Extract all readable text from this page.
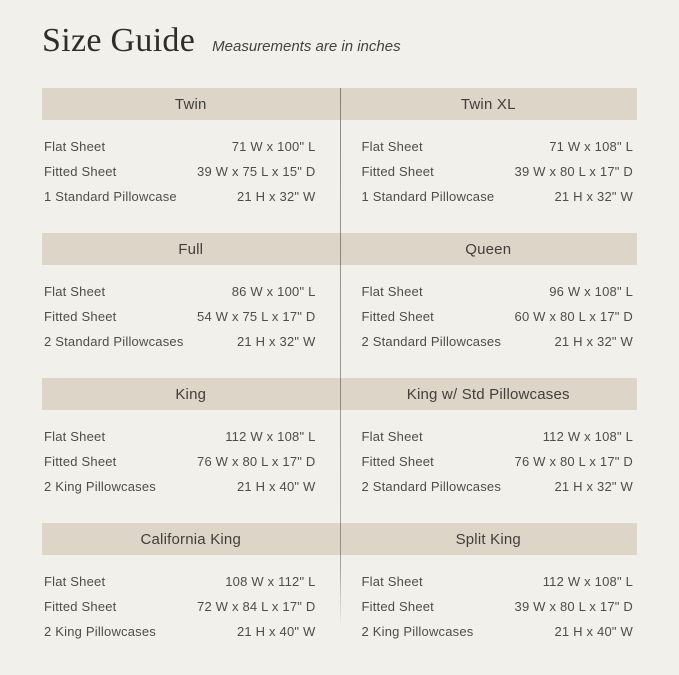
Size Guide Measurements are in inches
Twin
Flat Sheet	71 W x 100" L
Fitted Sheet	39 W x 75 L x 15" D
1 Standard Pillowcase	21 H x 32" W
Twin XL
Flat Sheet	71 W x 108" L
Fitted Sheet	39 W x 80 L x 17" D
1 Standard Pillowcase	21 H x 32" W
Full
Flat Sheet	86 W x 100" L
Fitted Sheet	54 W x 75 L x 17" D
2 Standard Pillowcases	21 H x 32" W
Queen
Flat Sheet	96 W x 108" L
Fitted Sheet	60 W x 80 L x 17" D
2 Standard Pillowcases	21 H x 32" W
King
Flat Sheet	112 W x 108" L
Fitted Sheet	76 W x 80 L x 17" D
2 King Pillowcases	21 H x 40" W
King w/ Std Pillowcases
Flat Sheet	112 W x 108" L
Fitted Sheet	76 W x 80 L x 17" D
2 Standard Pillowcases	21 H x 32" W
California King
Flat Sheet	108 W x 112" L
Fitted Sheet	72 W x 84 L x 17" D
2 King Pillowcases	21 H x 40" W
Split King
Flat Sheet	112 W x 108" L
Fitted Sheet	39 W x 80 L x 17" D
2 King Pillowcases	21 H x 40" W
